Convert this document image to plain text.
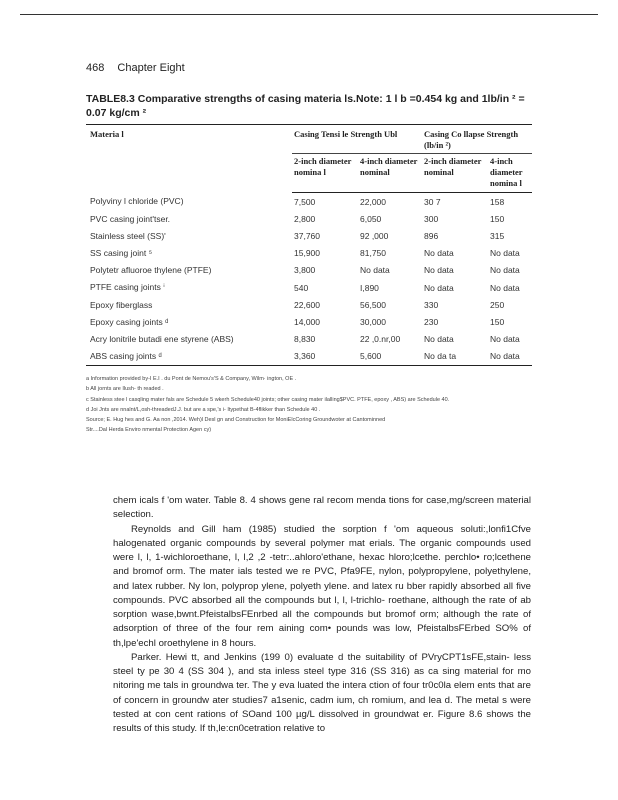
468 Chapter Eight
TABLE8.3 Comparative strengths of casing materia ls.Note: 1 l b =0.454 kg and 1lb/in ² = 0.07 kg/cm ²
Materia l	Casing Tensi le Strength Ubl		Casing Co llapse Strength (lb/in ²)	
	2-inch diameter nomina l	4-inch diameter nominal	2-inch diameter nominal	4-inch diameter nomina l
Polyviny l chloride (PVC)	7,500	22,000	30 7	158
PVC casing joint'tser.	2,800	6,050	300	150
Stainless steel (SS)'	37,760	92 ,000	896	315
SS casing joint ⁵	15,900	81,750	No data	No data
Polytetr afluoroe thylene (PTFE)	3,800	No data	No data	No data
PTFE casing joints ⁱ	540	I,890	No data	No data
Epoxy fiberglass	22,600	56,500	330	250
Epoxy casing joints ᵈ	14,000	30,000	230	150
Acry lonitrile butadi ene styrene (ABS)	8,830	22 ,0.nr,00	No data	No data
ABS casing joints ᵈ	3,360	5,600	No da ta	No data
a Information provided by-I E.I . du Pont de Nemou's'S & Company, Wilm· ington, OE .
b All jornts are Ilush- th readed .
c Stainless stee l casqling mater fals are Schedule 5 wkerh Schedule40 joints; other casing mater ilalling$PVC. PTFE, epoxy , ABS) are Schedule 40.
d Joi Jnts are nnalnt/L,osh-threadedJ.J. but are a spe,'s i- Itypethat B-4flikker than Schedule 40 .
Source; E. Hug hes and G. Aa non ,2014. Weh)l Desl gn and Construction for MoniElcCoring Groundwoter at Cantominned
Str....Dal Herda Enviro nmental Protection Agen cy)

chem icals f 'om water. Table 8. 4 shows gene ral recom menda tions for case,mg/screen material selection.

Reynolds and Gill ham (1985) studied the sorption f 'om aqueous soluti:,lonfi1Cfve halogenated organic compounds by several polymer mat erials. The organic compounds used were l, l, 1-wichloroethane, l, l,2 ,2 -tetr:..ahloro'ethane, hexac hloro;lcethe. perchlo• ro;lcethene and bromof orm. The mater ials tested we re PVC, Pfa9FE, nylon, polypropylene, polyethylene, and latex rubber. Ny lon, polyprop ylene, polyeth ylene. and latex ru bber rapidly absorbed all five compounds. PVC absorbed all the compounds but l, l, l-trichlo- roethane, although the rate of ab sorption wase,bwnt.PfeistalbsFEnrbed all the compounds but bromof orm; although the rate of adsorption of three of the four rem aining com• pounds was low, PfeistalbsFErbed SO% of th,lpe'echl oroethylene in 8 hours.

Parker. Hewi tt, and Jenkins (199 0) evaluate d the suitability of PVryCPT1sFE,stain- less steel ty pe 30 4 (SS 304 ), and sta inless steel type 316 (SS 316) as ca sing material for mo nitoring me tals in groundwa ter. The y eva luated the intera ction of four tr0c0la elem ents that are of concern in groundw ater studies7 a1senic, cadm ium, ch romium, and lea d. The metal s were tested at con cent rations of SOand 100 µg/L dissolved in groundwat er. Figure 8.6 shows the results of this study. If th,le:cn0cetration relative to
